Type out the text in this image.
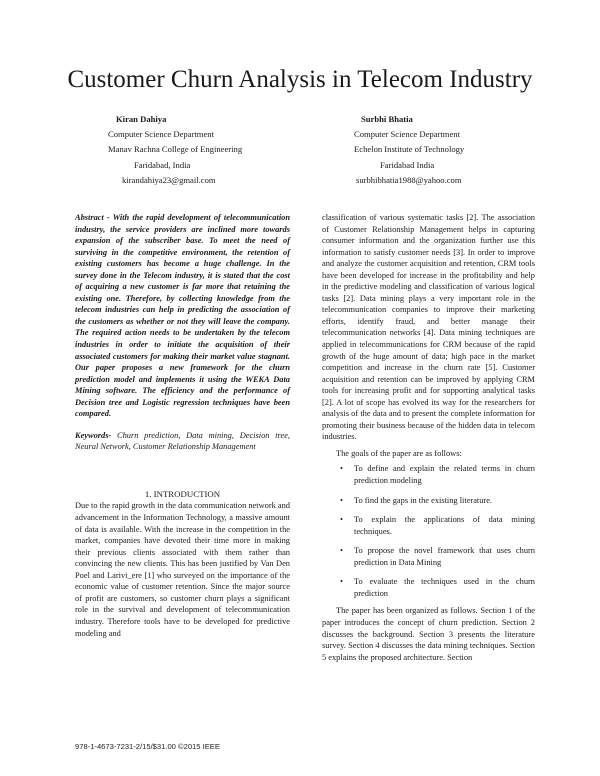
Customer Churn Analysis in Telecom Industry
Kiran Dahiya
Computer Science Department
Manav Rachna College of Engineering
Faridabad, India
kirandahiya23@gmail.com
Surbhi Bhatia
Computer Science Department
Echelon Institute of Technology
Faridabad India
surbhibhatia1988@yahoo.com
Abstract - With the rapid development of telecommunication industry, the service providers are inclined more towards expansion of the subscriber base. To meet the need of surviving in the competitive environment, the retention of existing customers has become a huge challenge. In the survey done in the Telecom industry, it is stated that the cost of acquiring a new customer is far more that retaining the existing one. Therefore, by collecting knowledge from the telecom industries can help in predicting the association of the customers as whether or not they will leave the company. The required action needs to be undertaken by the telecom industries in order to initiate the acquisition of their associated customers for making their market value stagnant. Our paper proposes a new framework for the churn prediction model and implements it using the WEKA Data Mining software. The efficiency and the performance of Decision tree and Logistic regression techniques have been compared.
Keywords- Churn prediction, Data mining, Decision tree, Neural Network, Customer Relationship Management
1. INTRODUCTION
Due to the rapid growth in the data communication network and advancement in the Information Technology, a massive amount of data is available. With the increase in the competition in the market, companies have devoted their time more in making their previous clients associated with them rather than convincing the new clients. This has been justified by Van Den Poel and Larivi_ere [1] who surveyed on the importance of the economic value of customer retention. Since the major source of profit are customers, so customer churn plays a significant role in the survival and development of telecommunication industry. Therefore tools have to be developed for predictive modeling and
classification of various systematic tasks [2]. The association of Customer Relationship Management helps in capturing consumer information and the organization further use this information to satisfy customer needs [3]. In order to improve and analyze the customer acquisition and retention, CRM tools have been developed for increase in the profitability and help in the predictive modeling and classification of various logical tasks [2]. Data mining plays a very important role in the telecommunication companies to improve their marketing efforts, identify fraud, and better manage their telecommunication networks [4]. Data mining techniques are applied in telecommunications for CRM because of the rapid growth of the huge amount of data; high pace in the market competition and increase in the churn rate [5]. Customer acquisition and retention can be improved by applying CRM tools for increasing profit and for supporting analytical tasks [2]. A lot of scope has evolved its way for the researchers for analysis of the data and to present the complete information for promoting their business because of the hidden data in telecom industries.
The goals of the paper are as follows:
• To define and explain the related terms in churn prediction modeling
• To find the gaps in the existing literature.
• To explain the applications of data mining techniques.
• To propose the novel framework that uses churn prediction in Data Mining
• To evaluate the techniques used in the churn prediction
The paper has been organized as follows. Section 1 of the paper introduces the concept of churn prediction. Section 2 discusses the background. Section 3 presents the literature survey. Section 4 discusses the data mining techniques. Section 5 explains the proposed architecture. Section
978-1-4673-7231-2/15/$31.00 ©2015 IEEE
